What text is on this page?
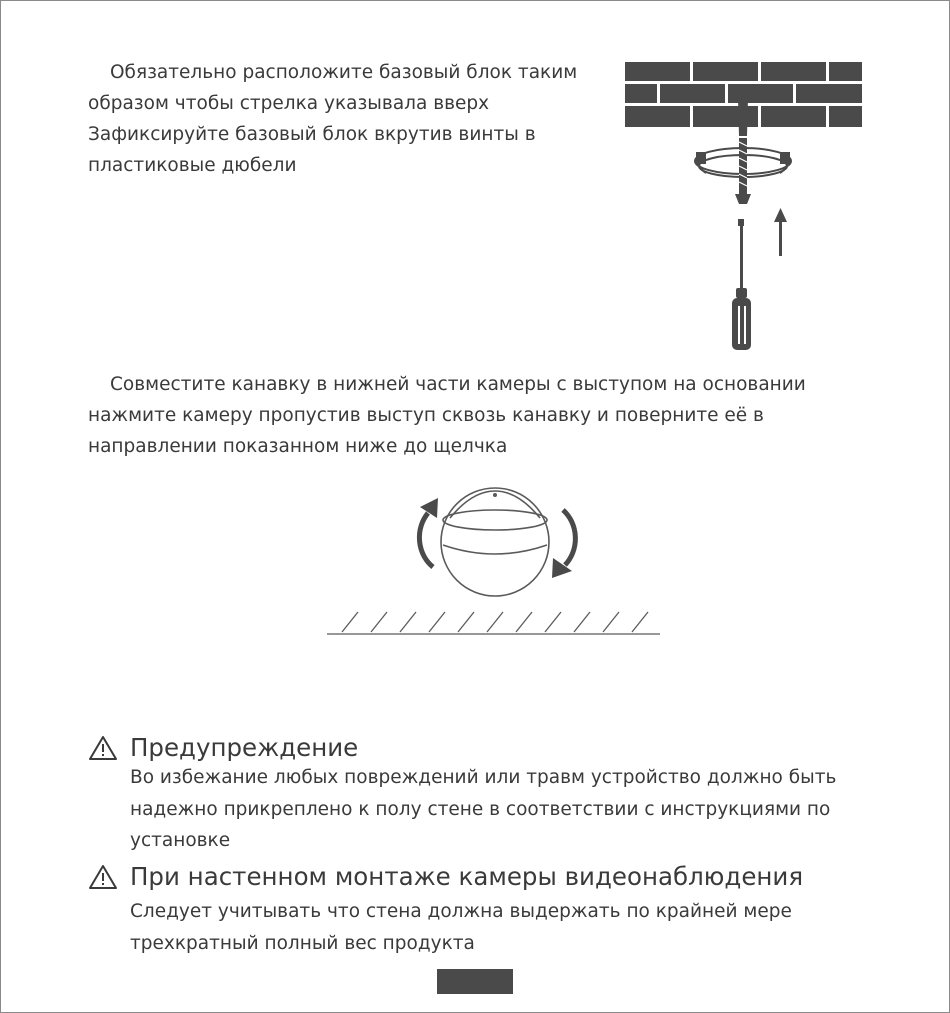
Обязательно расположите базовый блок таким
образом чтобы стрелка указывала вверх
Зафиксируйте базовый блок вкрутив винты в
пластиковые дюбели

Совместите канавку в нижней части камеры с выступом на основании
нажмите камеру пропустив выступ сквозь канавку и поверните её в
направлении показанном ниже до щелчка

Предупреждение
Во избежание любых повреждений или травм устройство должно быть
надежно прикреплено к полу стене в соответствии с инструкциями по
установке
При настенном монтаже камеры видеонаблюдения
Следует учитывать что стена должна выдержать по крайней мере
трехкратный полный вес продукта
